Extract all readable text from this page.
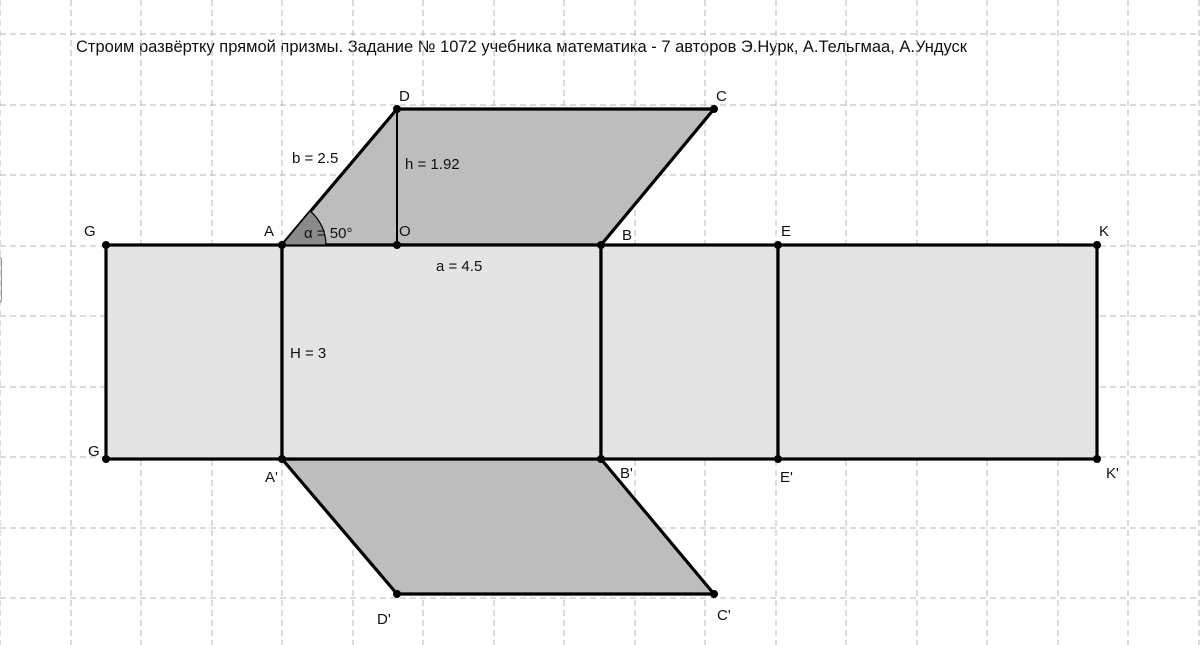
Строим развёртку прямой призмы. Задание № 1072 учебника математика - 7 авторов Э.Нурк, А.Тельгмаа, А.Ундуск
G	A	O	B	E	K
D	C
G
A'	B'	E'	K'
D'	C'
b = 2.5	h = 1.92
α = 50°
a = 4.5
H = 3
